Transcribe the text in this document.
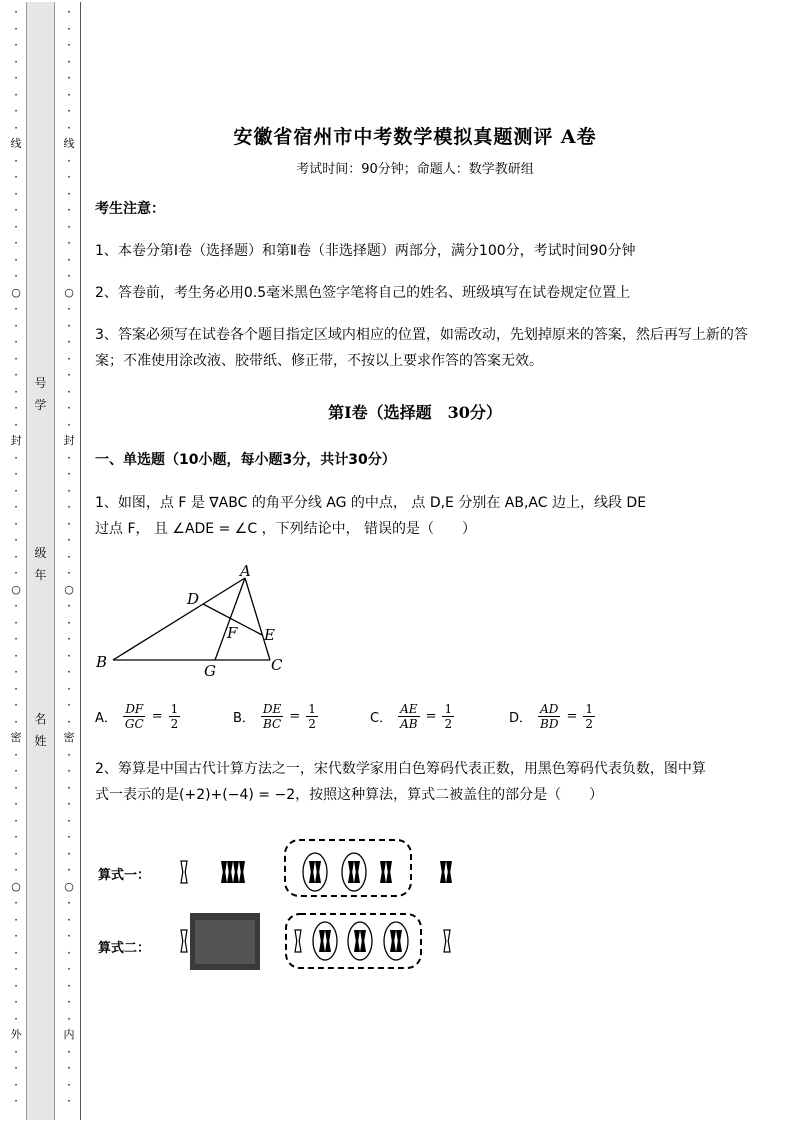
·
·
·
·
·
·
·
·
线
·
·
·
·
·
·
·
·
○
·
·
·
·
·
·
·
·
封
·
·
·
·
·
·
·
·
○
·
·
·
·
·
·
·
·
密
·
·
·
·
·
·
·
·
○
·
·
·
·
·
·
·
·
外
·
·
·
·
号
学
级
年
名
姓
·
·
·
·
·
·
·
·
线
·
·
·
·
·
·
·
·
○
·
·
·
·
·
·
·
·
封
·
·
·
·
·
·
·
·
○
·
·
·
·
·
·
·
·
密
·
·
·
·
·
·
·
·
○
·
·
·
·
·
·
·
·
内
·
·
·
·
安徽省宿州市中考数学模拟真题测评 A卷
考试时间：90分钟；命题人：数学教研组
考生注意：
1、本卷分第Ⅰ卷（选择题）和第Ⅱ卷（非选择题）两部分，满分100分，考试时间90分钟
2、答卷前，考生务必用0.5毫米黑色签字笔将自己的姓名、班级填写在试卷规定位置上
3、答案必须写在试卷各个题目指定区域内相应的位置，如需改动，先划掉原来的答案，然后再写上新的答案；不准使用涂改液、胶带纸、修正带，不按以上要求作答的答案无效。
第Ⅰ卷（选择题　30分）
一、单选题（10小题，每小题3分，共计30分）
1、如图，点 F 是 ∇ABC 的角平分线 AG 的中点， 点 D,E 分别在 AB,AC 边上，线段 DE
过点 F， 且 ∠ADE = ∠C ，下列结论中， 错误的是（　　）
A
B	C
D
E
F
G
A． $\frac{DF}{GC} = \frac{1}{2}$	B． $\frac{DE}{BC} = \frac{1}{2}$	C． $\frac{AE}{AB} = \frac{1}{2}$	D． $\frac{AD}{BD} = \frac{1}{2}$
2、筹算是中国古代计算方法之一，宋代数学家用白色筹码代表正数，用黑色筹码代表负数，图中算
式一表示的是(+2)+(−4) = −2，按照这种算法，算式二被盖住的部分是（　　）
算式一：
算式二：
